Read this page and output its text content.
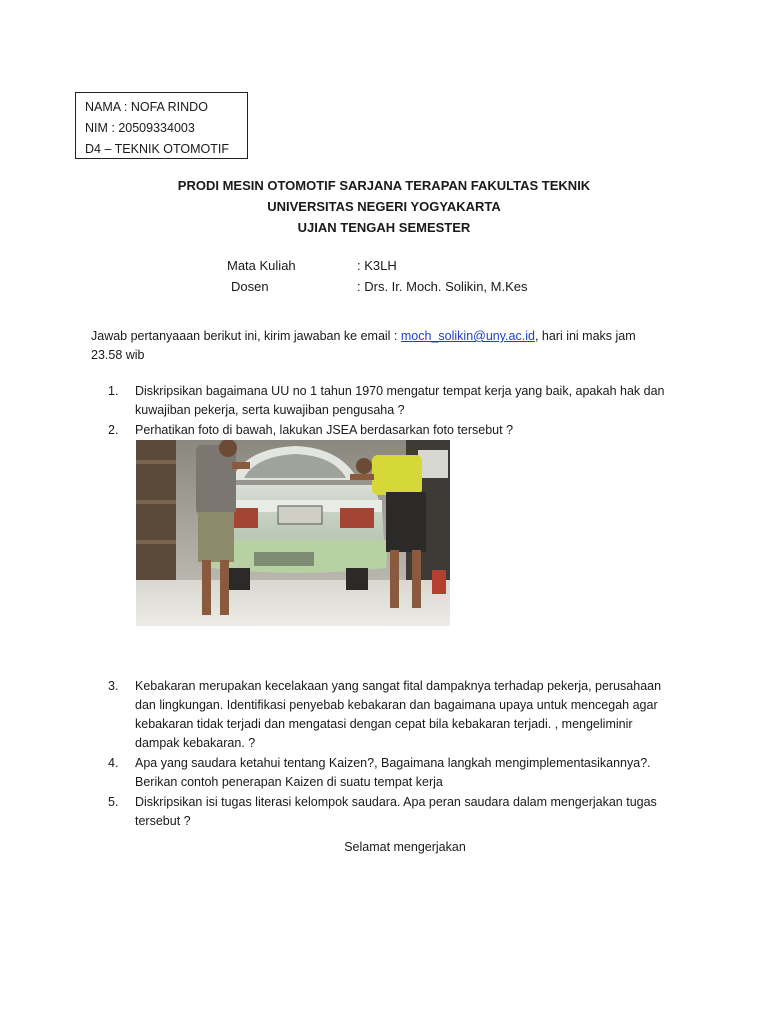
NAMA : NOFA RINDO
NIM : 20509334003
D4 – TEKNIK OTOMOTIF
PRODI MESIN OTOMOTIF SARJANA TERAPAN FAKULTAS TEKNIK
UNIVERSITAS NEGERI YOGYAKARTA
UJIAN TENGAH SEMESTER
Mata Kuliah	: K3LH
Dosen	: Drs. Ir. Moch. Solikin, M.Kes
Jawab pertanyaaan berikut ini, kirim jawaban ke email : moch_solikin@uny.ac.id, hari ini maks jam 23.58 wib
1.	Diskripsikan bagaimana UU no 1 tahun 1970 mengatur tempat kerja yang baik, apakah hak dan kuwajiban pekerja, serta kuwajiban pengusaha ?
2.	Perhatikan foto di bawah, lakukan JSEA berdasarkan foto tersebut ?
3.	Kebakaran merupakan kecelakaan yang sangat fital dampaknya terhadap pekerja, perusahaan dan lingkungan. Identifikasi penyebab kebakaran dan bagaimana upaya untuk mencegah agar kebakaran tidak terjadi dan mengatasi dengan cepat bila kebakaran terjadi. , mengeliminir dampak kebakaran. ?
4.	Apa yang saudara ketahui tentang Kaizen?, Bagaimana langkah mengimplementasikannya?. Berikan contoh penerapan Kaizen di suatu tempat kerja
5.	Diskripsikan isi tugas literasi kelompok saudara. Apa peran saudara dalam mengerjakan tugas tersebut ?
Selamat mengerjakan
